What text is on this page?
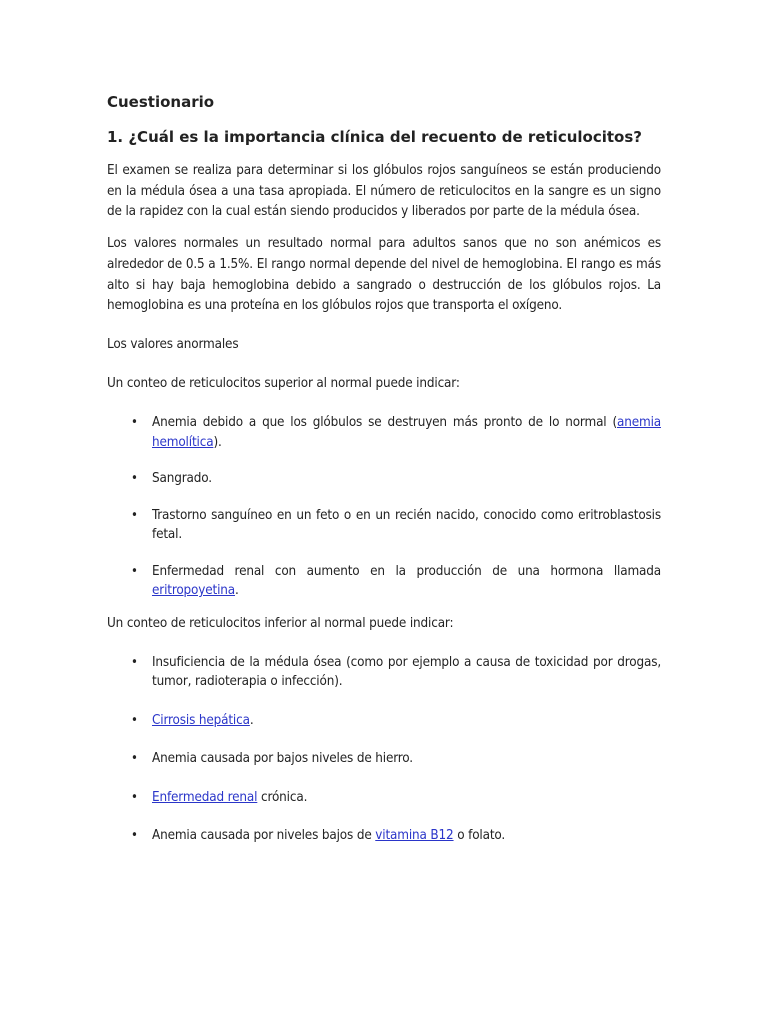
Cuestionario
1. ¿Cuál es la importancia clínica del recuento de reticulocitos?

El examen se realiza para determinar si los glóbulos rojos sanguíneos se están produciendo en la médula ósea a una tasa apropiada. El número de reticulocitos en la sangre es un signo de la rapidez con la cual están siendo producidos y liberados por parte de la médula ósea.

Los valores normales un resultado normal para adultos sanos que no son anémicos es alrededor de 0.5 a 1.5%. El rango normal depende del nivel de hemoglobina. El rango es más alto si hay baja hemoglobina debido a sangrado o destrucción de los glóbulos rojos. La hemoglobina es una proteína en los glóbulos rojos que transporta el oxígeno.

Los valores anormales

Un conteo de reticulocitos superior al normal puede indicar:

• Anemia debido a que los glóbulos se destruyen más pronto de lo normal (anemia hemolítica).
• Sangrado.
• Trastorno sanguíneo en un feto o en un recién nacido, conocido como eritroblastosis fetal.
• Enfermedad renal con aumento en la producción de una hormona llamada eritropoyetina.

Un conteo de reticulocitos inferior al normal puede indicar:

• Insuficiencia de la médula ósea (como por ejemplo a causa de toxicidad por drogas, tumor, radioterapia o infección).
• Cirrosis hepática.
• Anemia causada por bajos niveles de hierro.
• Enfermedad renal crónica.
• Anemia causada por niveles bajos de vitamina B12 o folato.
